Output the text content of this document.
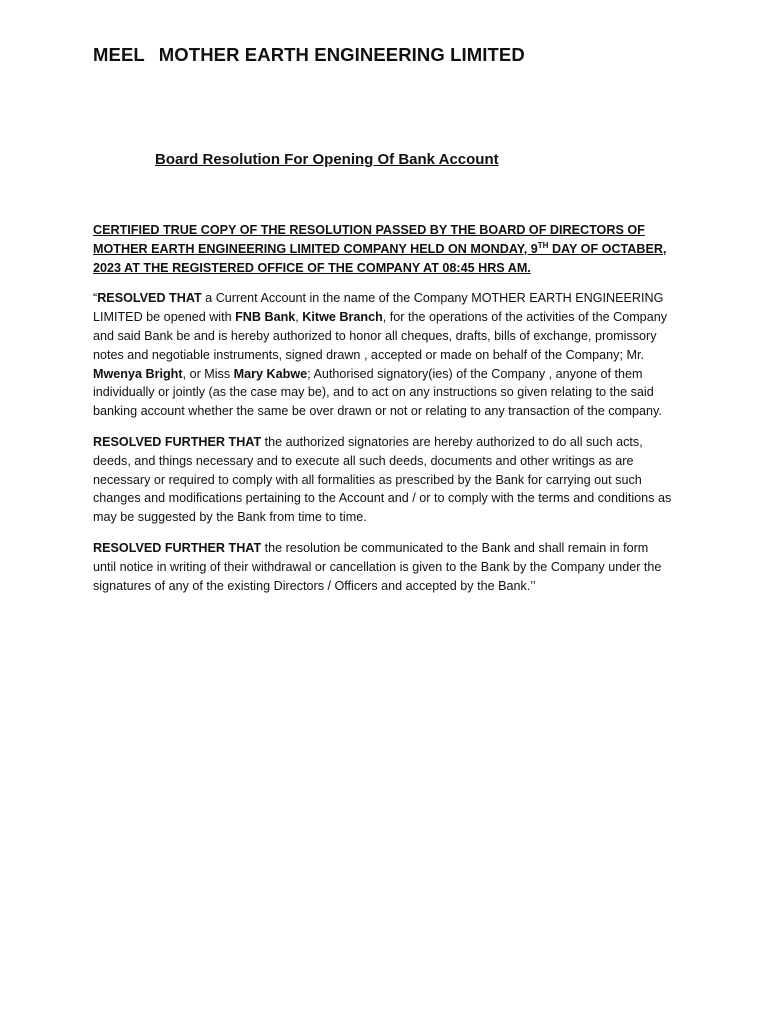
MEEL MOTHER EARTH ENGINEERING LIMITED
Board Resolution For Opening Of Bank Account

CERTIFIED TRUE COPY OF THE RESOLUTION PASSED BY THE BOARD OF DIRECTORS OF MOTHER EARTH ENGINEERING LIMITED COMPANY HELD ON MONDAY, 9TH DAY OF OCTABER, 2023 AT THE REGISTERED OFFICE OF THE COMPANY AT 08:45 HRS AM.

“RESOLVED THAT a Current Account in the name of the Company MOTHER EARTH ENGINEERING LIMITED be opened with FNB Bank, Kitwe Branch, for the operations of the activities of the Company and said Bank be and is hereby authorized to honor all cheques, drafts, bills of exchange, promissory notes and negotiable instruments, signed drawn , accepted or made on behalf of the Company; Mr. Mwenya Bright, or Miss Mary Kabwe; Authorised signatory(ies) of the Company , anyone of them individually or jointly (as the case may be), and to act on any instructions so given relating to the said banking account whether the same be over drawn or not or relating to any transaction of the company.

RESOLVED FURTHER THAT the authorized signatories are hereby authorized to do all such acts, deeds, and things necessary and to execute all such deeds, documents and other writings as are necessary or required to comply with all formalities as prescribed by the Bank for carrying out such changes and modifications pertaining to the Account and / or to comply with the terms and conditions as may be suggested by the Bank from time to time.

RESOLVED FURTHER THAT the resolution be communicated to the Bank and shall remain in form until notice in writing of their withdrawal or cancellation is given to the Bank by the Company under the signatures of any of the existing Directors / Officers and accepted by the Bank.’’
